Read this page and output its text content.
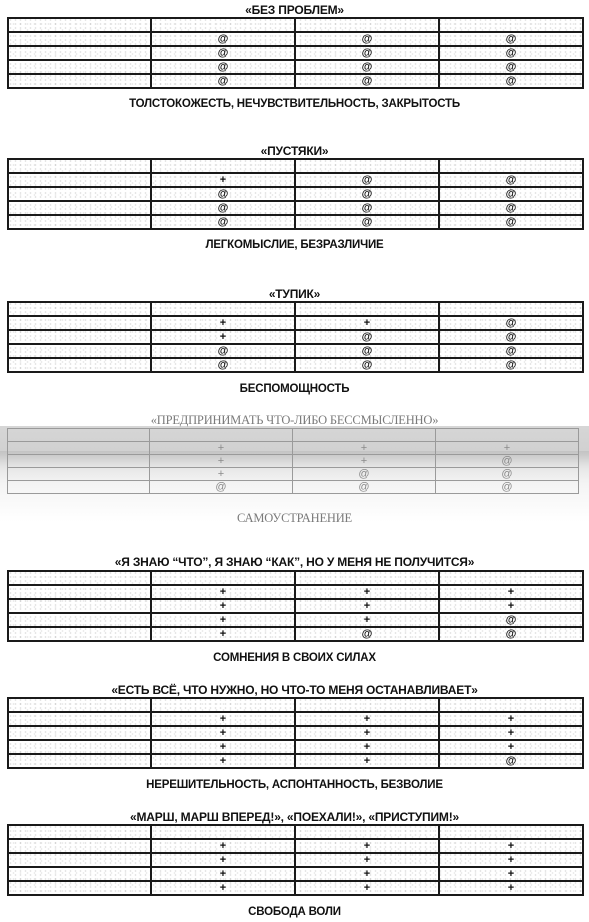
«БЕЗ ПРОБЛЕМ»

	@	@	@
	@	@	@
	@	@	@
	@	@	@
ТОЛСТОКОЖЕСТЬ, НЕЧУВСТВИТЕЛЬНОСТЬ, ЗАКРЫТОСТЬ
«ПУСТЯКИ»

	+	@	@
	@	@	@
	@	@	@
	@	@	@
ЛЕГКОМЫСЛИЕ, БЕЗРАЗЛИЧИЕ
«ТУПИК»

	+	+	@
	+	@	@
	@	@	@
	@	@	@
БЕСПОМОЩНОСТЬ
«ПРЕДПРИНИМАТЬ ЧТО-ЛИБО БЕССМЫСЛЕННО»

	+	+	+
	+	+	@
	+	@	@
	@	@	@
САМОУСТРАНЕНИЕ
«Я ЗНАЮ “ЧТО”, Я ЗНАЮ “КАК”, НО У МЕНЯ НЕ ПОЛУЧИТСЯ»

	+	+	+
	+	+	+
	+	+	@
	+	@	@
СОМНЕНИЯ В СВОИХ СИЛАХ
«ЕСТЬ ВСЁ, ЧТО НУЖНО, НО ЧТО-ТО МЕНЯ ОСТАНАВЛИВАЕТ»

	+	+	+
	+	+	+
	+	+	+
	+	+	@
НЕРЕШИТЕЛЬНОСТЬ, АСПОНТАННОСТЬ, БЕЗВОЛИЕ
«МАРШ, МАРШ ВПЕРЕД!», «ПОЕХАЛИ!», «ПРИСТУПИМ!»

	+	+	+
	+	+	+
	+	+	+
	+	+	+
СВОБОДА ВОЛИ
